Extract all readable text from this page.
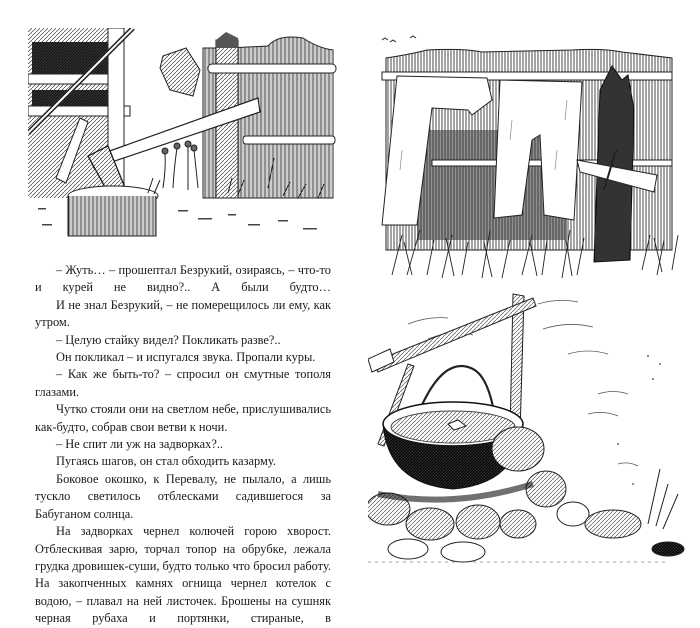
– Жуть… – прошептал Безрукий, озираясь, – что-то и курей не видно?.. А были будто…

И не знал Безрукий, – не померещилось ли ему, как утром.

– Целую стайку видел? Покликать разве?..

Он покликал – и испугался звука. Пропали куры.

– Как же быть-то? – спросил он смутные тополя глазами.

Чутко стояли они на светлом небе, прислушивались как-будто, собрав свои ветви к ночи.

– Не спит ли уж на задворках?..

Пугаясь шагов, он стал обходить казарму.

Боковое окошко, к Перевалу, не пылало, а лишь тускло светилось отблесками садившегося за Бабуганом солнца.

На задворках чернел колючей горою хворост. Отблескивая зарю, торчал топор на обрубке, лежала грудка дровишек-суши, будто только что бросил работу. На закопченных камнях огнища чернел котелок с водою, – плавал на ней листочек. Брошены на сушняк черная рубаха и портянки, стираные, в
